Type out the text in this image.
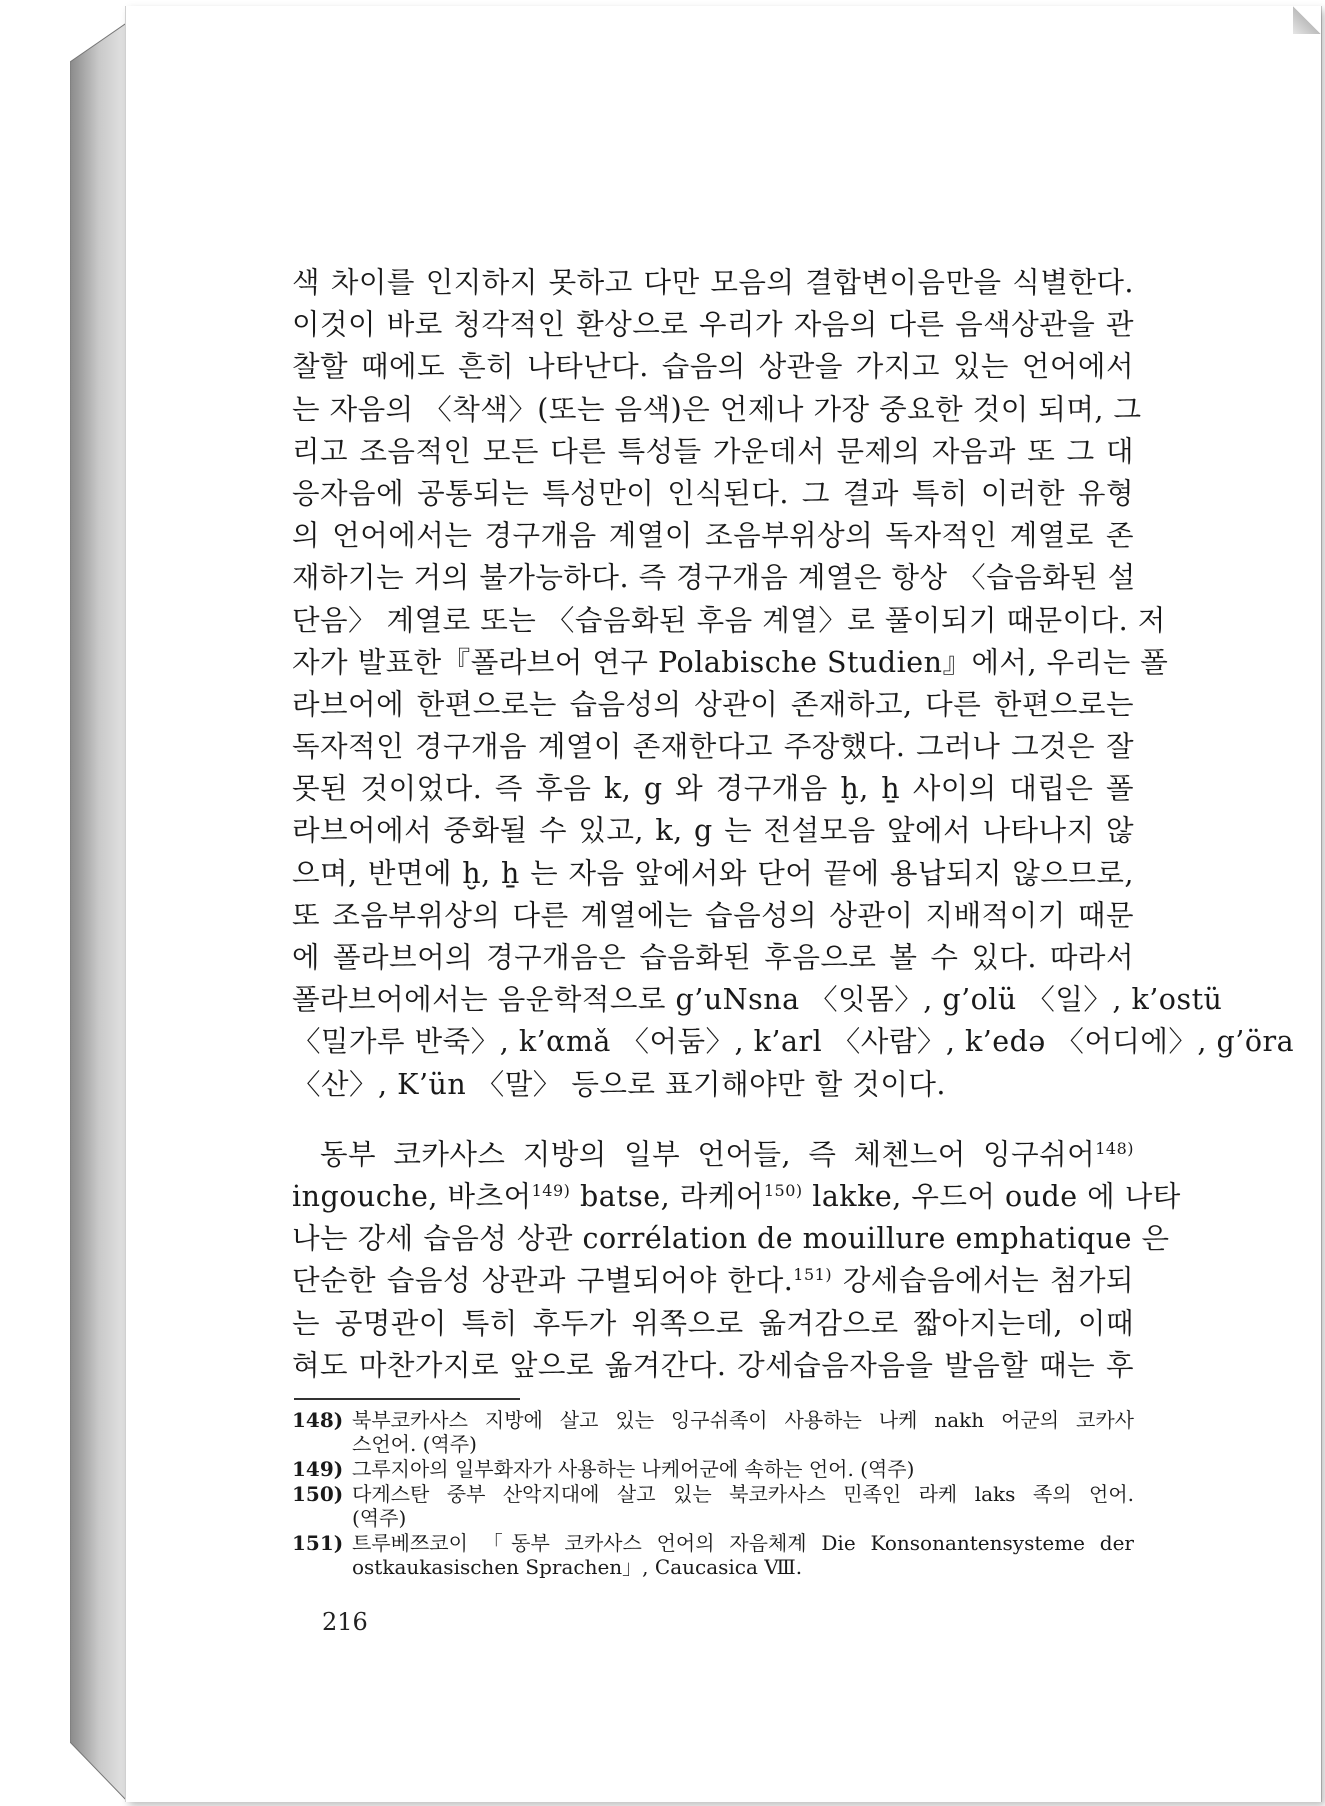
색 차이를 인지하지 못하고 다만 모음의 결합변이음만을 식별한다.
이것이 바로 청각적인 환상으로 우리가 자음의 다른 음색상관을 관
찰할 때에도 흔히 나타난다. 습음의 상관을 가지고 있는 언어에서
는 자음의 〈착색〉(또는 음색)은 언제나 가장 중요한 것이 되며, 그
리고 조음적인 모든 다른 특성들 가운데서 문제의 자음과 또 그 대
응자음에 공통되는 특성만이 인식된다. 그 결과 특히 이러한 유형
의 언어에서는 경구개음 계열이 조음부위상의 독자적인 계열로 존
재하기는 거의 불가능하다. 즉 경구개음 계열은 항상 〈습음화된 설
단음〉 계열로 또는 〈습음화된 후음 계열〉로 풀이되기 때문이다. 저
자가 발표한『폴라브어 연구 Polabische Studien』에서, 우리는 폴
라브어에 한편으로는 습음성의 상관이 존재하고, 다른 한편으로는
독자적인 경구개음 계열이 존재한다고 주장했다. 그러나 그것은 잘
못된 것이었다. 즉 후음 k, g 와 경구개음 ḫ, ẖ 사이의 대립은 폴
라브어에서 중화될 수 있고, k, g 는 전설모음 앞에서 나타나지 않
으며, 반면에 ḫ, ẖ 는 자음 앞에서와 단어 끝에 용납되지 않으므로,
또 조음부위상의 다른 계열에는 습음성의 상관이 지배적이기 때문
에 폴라브어의 경구개음은 습음화된 후음으로 볼 수 있다. 따라서
폴라브어에서는 음운학적으로 g’uNsna 〈잇몸〉, g’olü 〈일〉, k’ostü
〈밀가루 반죽〉, k’αmǎ 〈어둠〉, k’arl 〈사람〉, k’edə 〈어디에〉, g’öra
〈산〉, K’ün 〈말〉 등으로 표기해야만 할 것이다.
동부 코카사스 지방의 일부 언어들, 즉 체첸느어 잉구쉬어$^{148)}$
ingouche, 바츠어$^{149)}$ batse, 라케어$^{150)}$ lakke, 우드어 oude 에 나타
나는 강세 습음성 상관 corrélation de mouillure emphatique 은
단순한 습음성 상관과 구별되어야 한다.$^{151)}$ 강세습음에서는 첨가되
는 공명관이 특히 후두가 위쪽으로 옮겨감으로 짧아지는데, 이때
혀도 마찬가지로 앞으로 옮겨간다. 강세습음자음을 발음할 때는 후
148) 북부코카사스 지방에 살고 있는 잉구쉬족이 사용하는 나케 nakh 어군의 코카사
스언어. (역주)
149) 그루지아의 일부화자가 사용하는 나케어군에 속하는 언어. (역주)
150) 다게스탄 중부 산악지대에 살고 있는 북코카사스 민족인 라케 laks 족의 언어.
(역주)
151) 트루베쯔코이 「동부 코카사스 언어의 자음체계 Die Konsonantensysteme der
ostkaukasischen Sprachen」, Caucasica Ⅷ.
216
